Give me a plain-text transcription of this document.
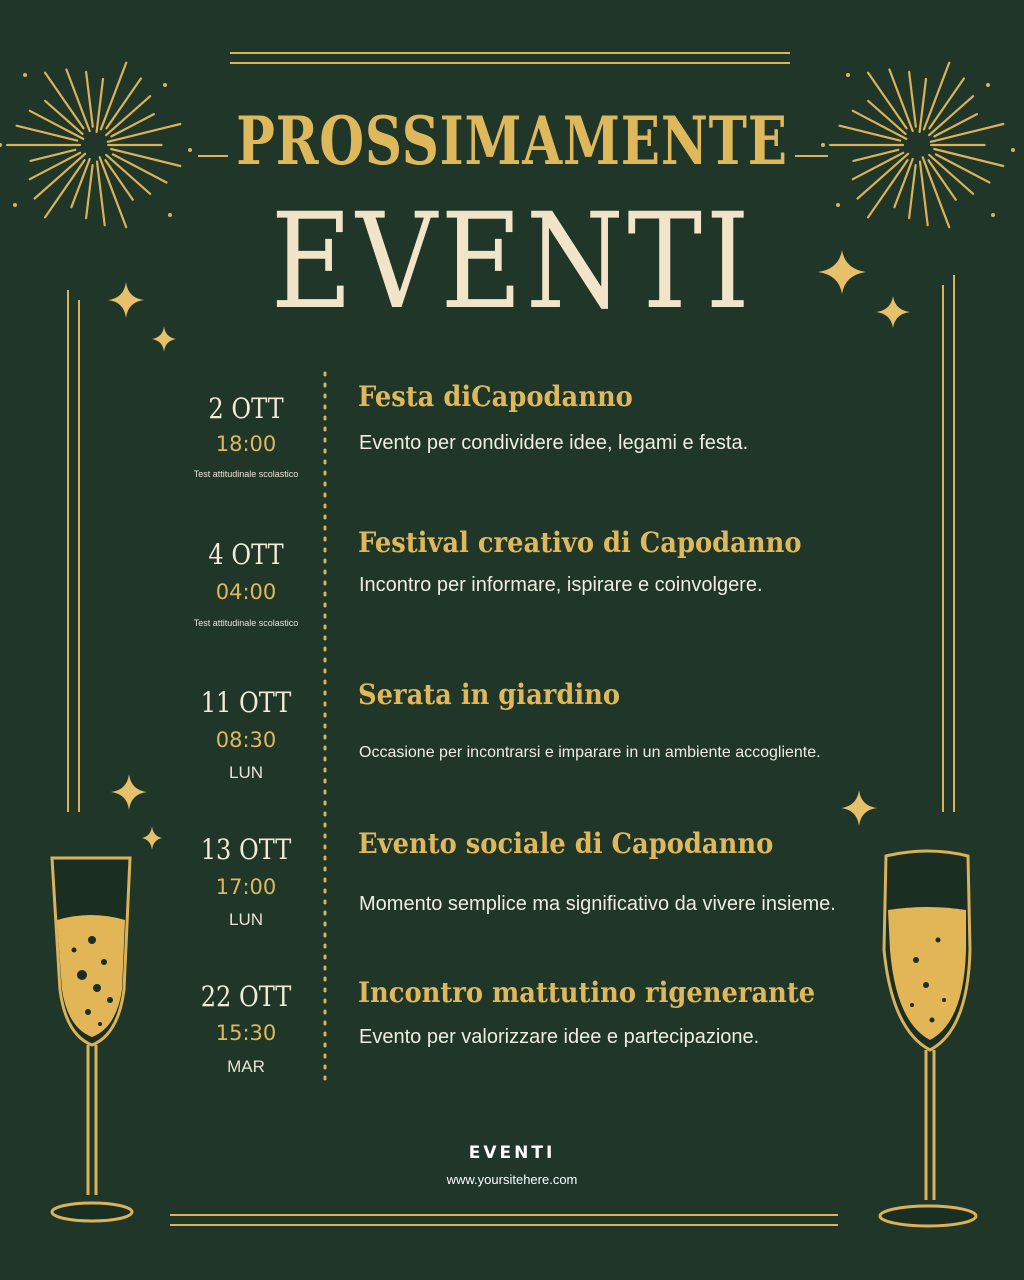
PROSSIMAMENTE
EVENTI
2 OTT
18:00
Test attitudinale scolastico
Festa diCapodanno
Evento per condividere idee, legami e festa.
4 OTT
04:00
Test attitudinale scolastico
Festival creativo di Capodanno
Incontro per informare, ispirare e coinvolgere.
11 OTT
08:30
LUN
Serata in giardino
Occasione per incontrarsi e imparare in un ambiente accogliente.
13 OTT
17:00
LUN
Evento sociale di Capodanno
Momento semplice ma significativo da vivere insieme.
22 OTT
15:30
MAR
Incontro mattutino rigenerante
Evento per valorizzare idee e partecipazione.
EVENTI
www.yoursitehere.com
